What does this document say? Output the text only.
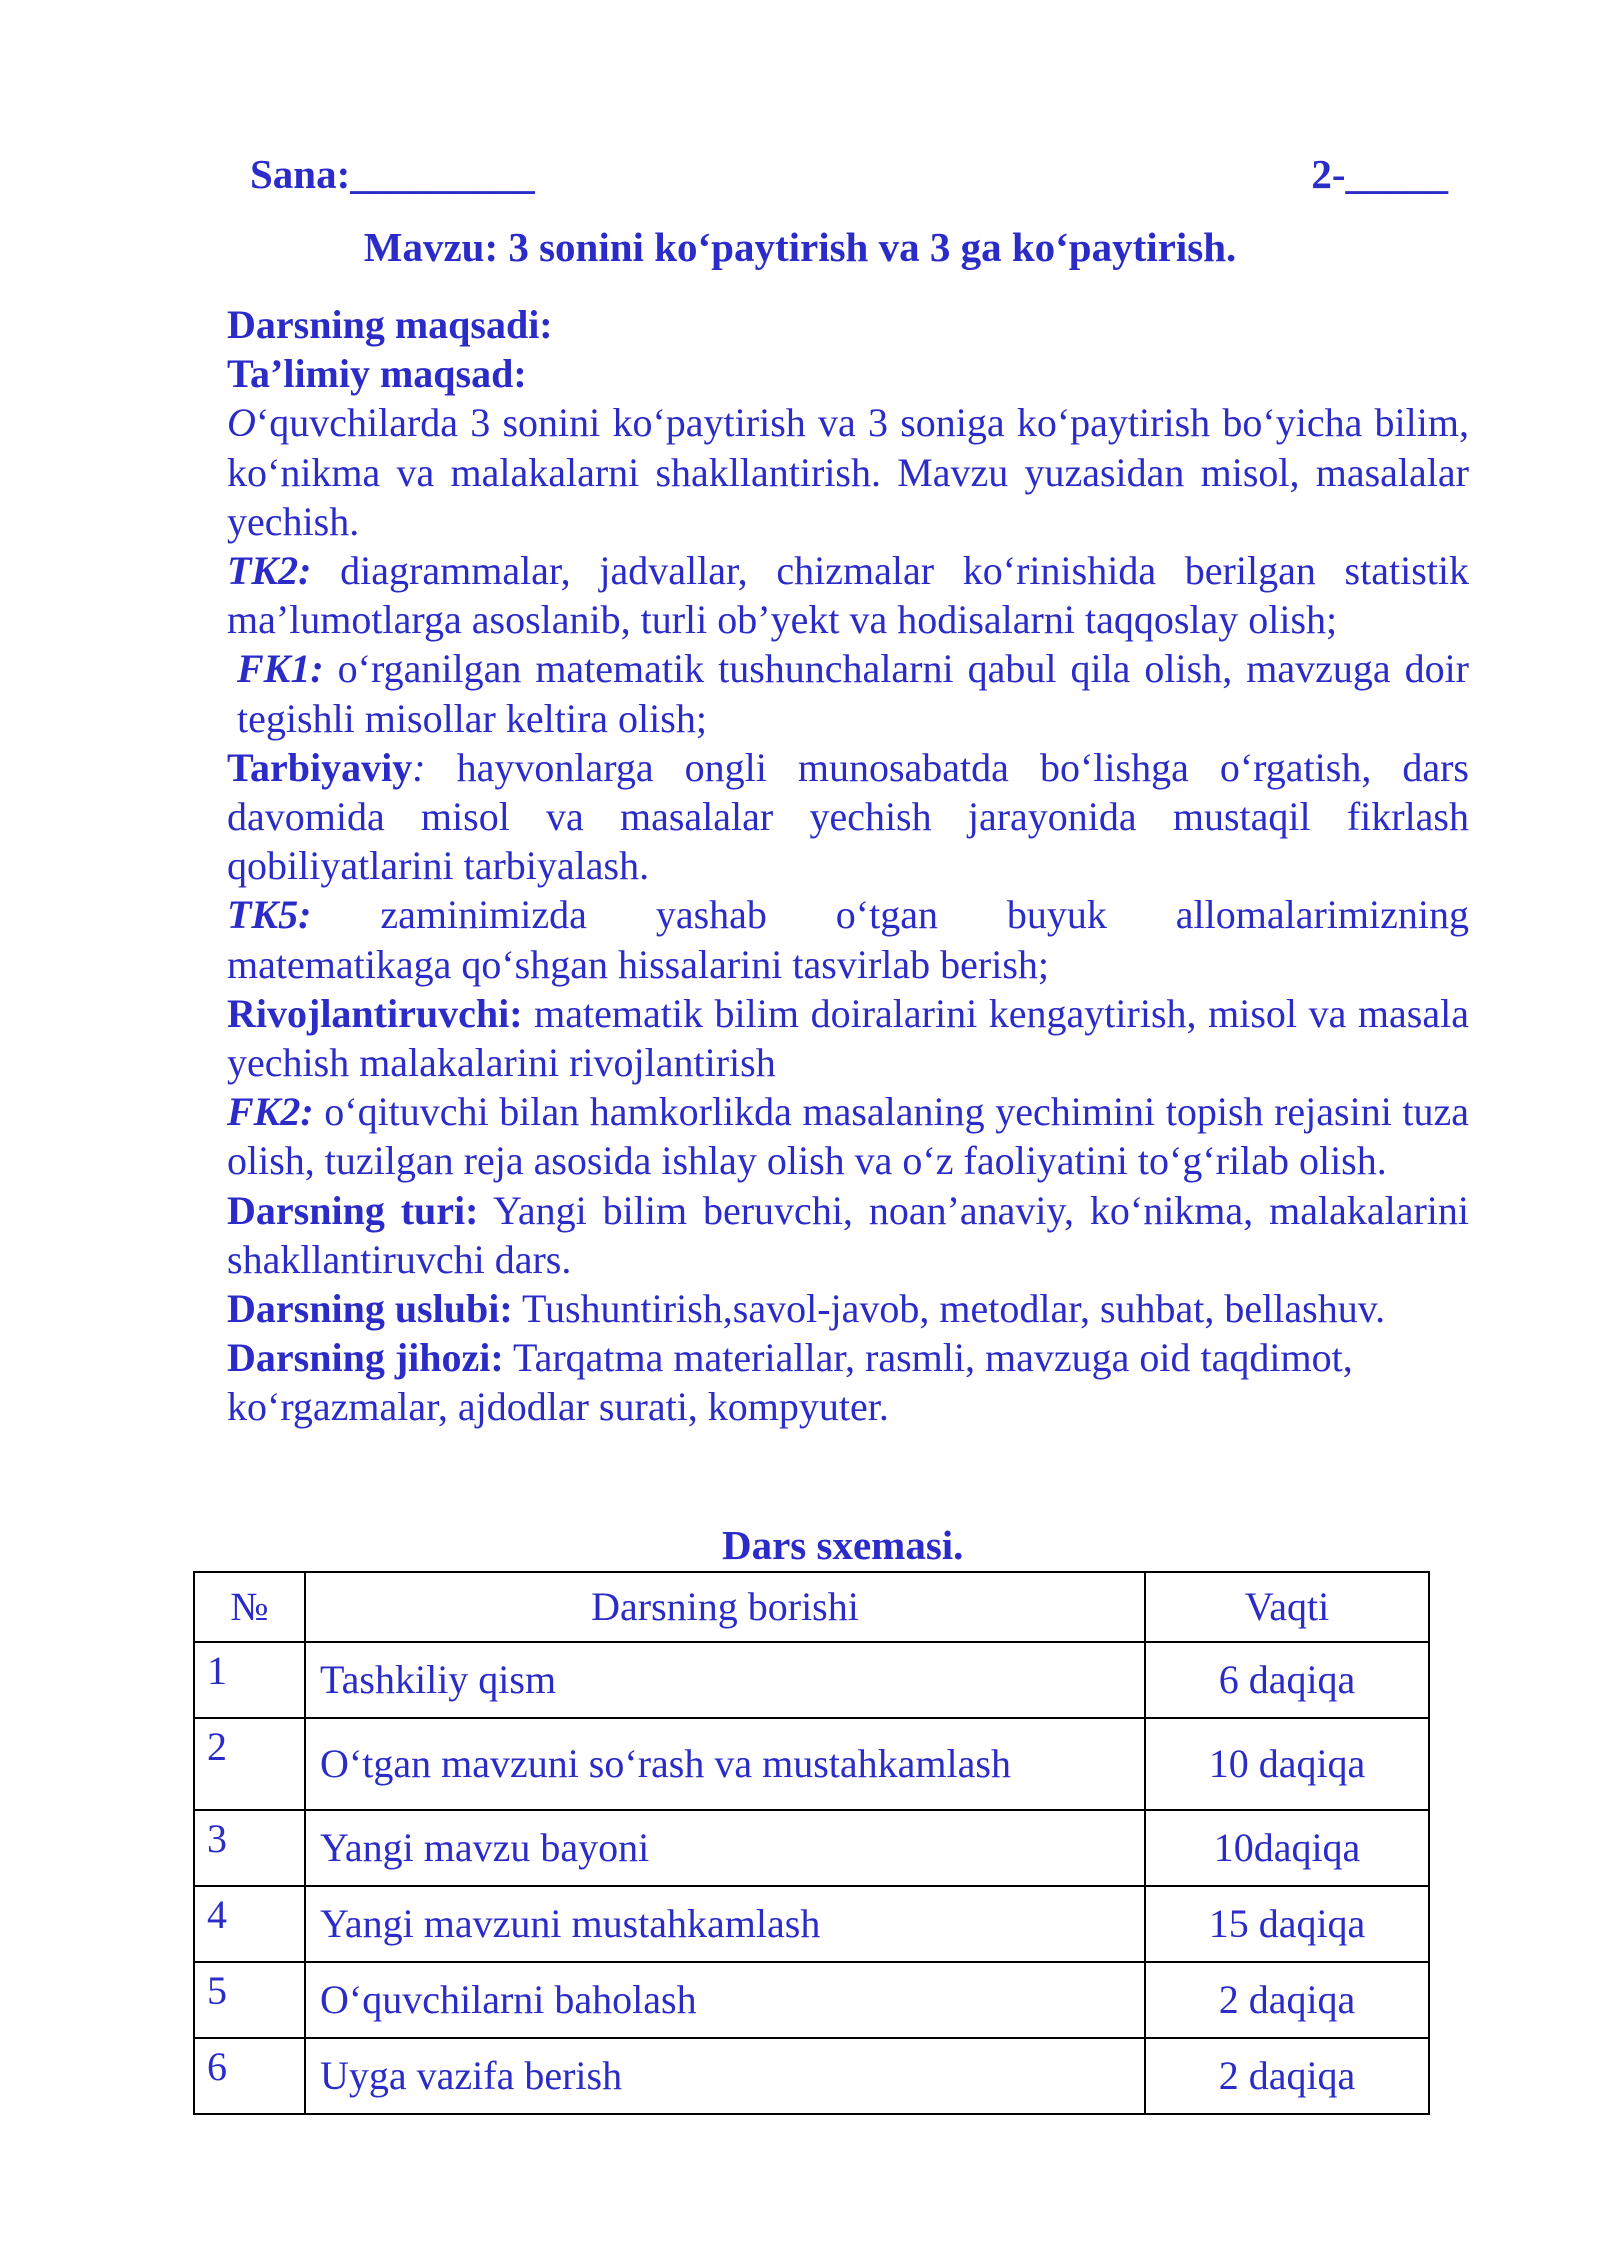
Sana:_________	2-_____
Mavzu: 3 sonini ko‘paytirish va 3 ga ko‘paytirish.

Darsning maqsadi:

Ta’limiy maqsad:

O‘quvchilarda 3 sonini ko‘paytirish va 3 soniga ko‘paytirish bo‘yicha bilim, ko‘nikma va malakalarni shakllantirish. Mavzu yuzasidan misol, masalalar yechish.

TK2: diagrammalar, jadvallar, chizmalar ko‘rinishida berilgan statistik ma’lumotlarga asoslanib, turli ob’yekt va hodisalarni taqqoslay olish;

FK1: o‘rganilgan matematik tushunchalarni qabul qila olish, mavzuga doir tegishli misollar keltira olish;

Tarbiyaviy: hayvonlarga ongli munosabatda bo‘lishga o‘rgatish, dars davomida misol va masalalar yechish jarayonida mustaqil fikrlash qobiliyatlarini tarbiyalash.

TK5: zaminimizda yashab o‘tgan buyuk allomalarimizning

matematikaga qo‘shgan hissalarini tasvirlab berish;

Rivojlantiruvchi: matematik bilim doiralarini kengaytirish, misol va masala yechish malakalarini rivojlantirish

FK2: o‘qituvchi bilan hamkorlikda masalaning yechimini topish rejasini tuza olish, tuzilgan reja asosida ishlay olish va o‘z faoliyatini to‘g‘rilab olish.

Darsning turi: Yangi bilim beruvchi, noan’anaviy, ko‘nikma, malakalarini shakllantiruvchi dars.

Darsning uslubi: Tushuntirish,savol-javob, metodlar, suhbat, bellashuv.

Darsning jihozi: Tarqatma materiallar, rasmli, mavzuga oid taqdimot, ko‘rgazmalar, ajdodlar surati, kompyuter.

Dars sxemasi.
№	Darsning borishi	Vaqti
1	Tashkiliy qism	6 daqiqa
2	O‘tgan mavzuni so‘rash va mustahkamlash	10 daqiqa
3	Yangi mavzu bayoni	10daqiqa
4	Yangi mavzuni mustahkamlash	15 daqiqa
5	O‘quvchilarni baholash	2 daqiqa
6	Uyga vazifa berish	2 daqiqa
